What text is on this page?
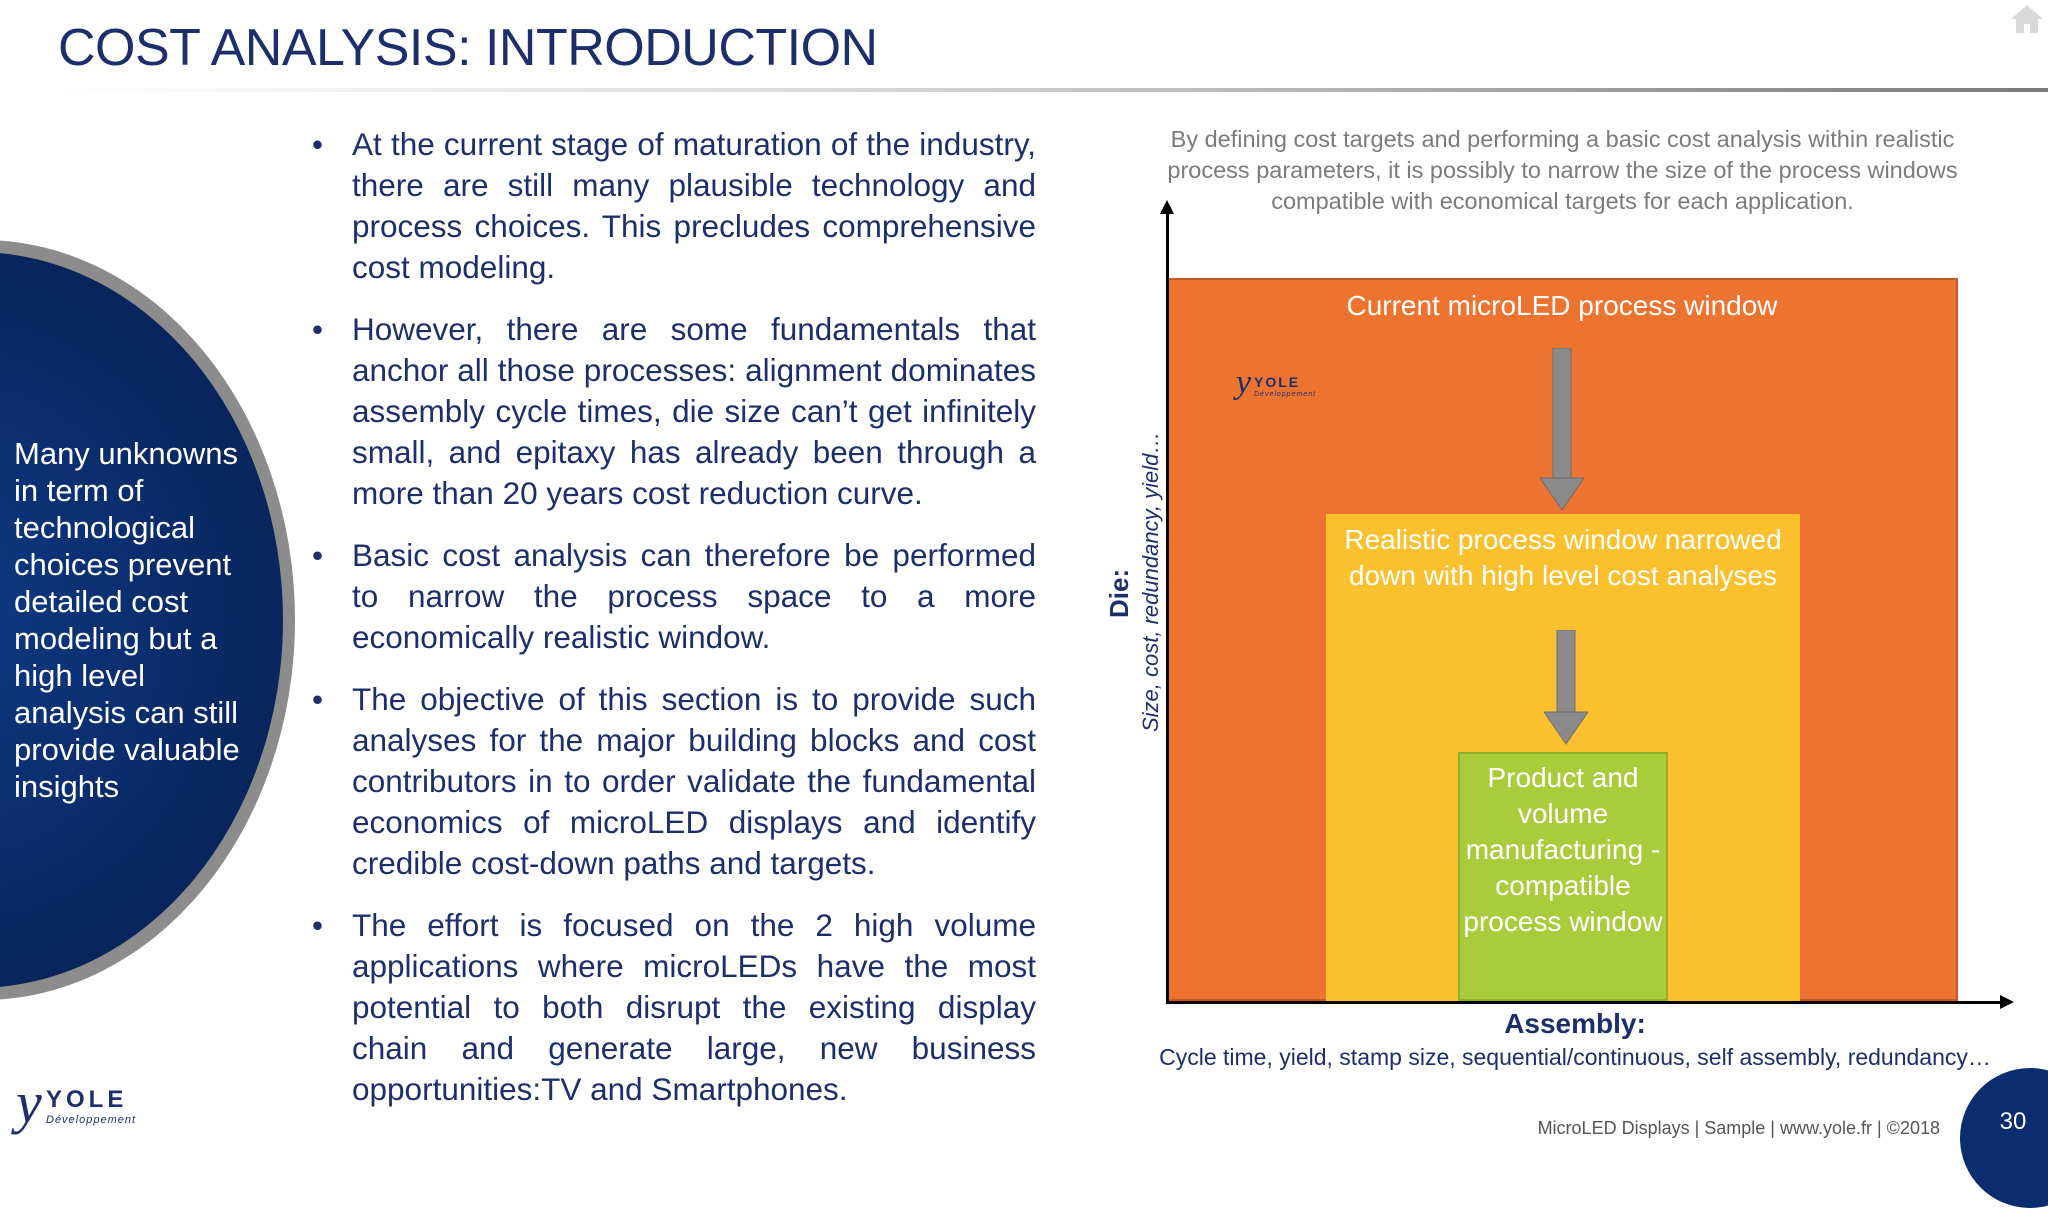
COST ANALYSIS: INTRODUCTION
Many unknowns in term of technological choices prevent detailed cost modeling but a high level analysis can still provide valuable insights
• At the current stage of maturation of the industry, there are still many plausible technology and process choices. This precludes comprehensive cost modeling.
• However, there are some fundamentals that anchor all those processes: alignment dominates assembly cycle times, die size can’t get infinitely small, and epitaxy has already been through a more than 20 years cost reduction curve.
• Basic cost analysis can therefore be performed to narrow the process space to a more economically realistic window.
• The objective of this section is to provide such analyses for the major building blocks and cost contributors in to order validate the fundamental economics of microLED displays and identify credible cost-down paths and targets.
• The effort is focused on the 2 high volume applications where microLEDs have the most potential to both disrupt the existing display chain and generate large, new business opportunities:TV and Smartphones.
y YOLE
Développement
By defining cost targets and performing a basic cost analysis within realistic process parameters, it is possibly to narrow the size of the process windows compatible with economical targets for each application.
Current microLED process window
y YOLE
Développement
Realistic process window narrowed down with high level cost analyses
Product and volume manufacturing -compatible process window
Assembly:
Cycle time, yield, stamp size, sequential/continuous, self assembly, redundancy…
Die: Size, cost, redundancy, yield…
MicroLED Displays | Sample | www.yole.fr | ©2018	30
